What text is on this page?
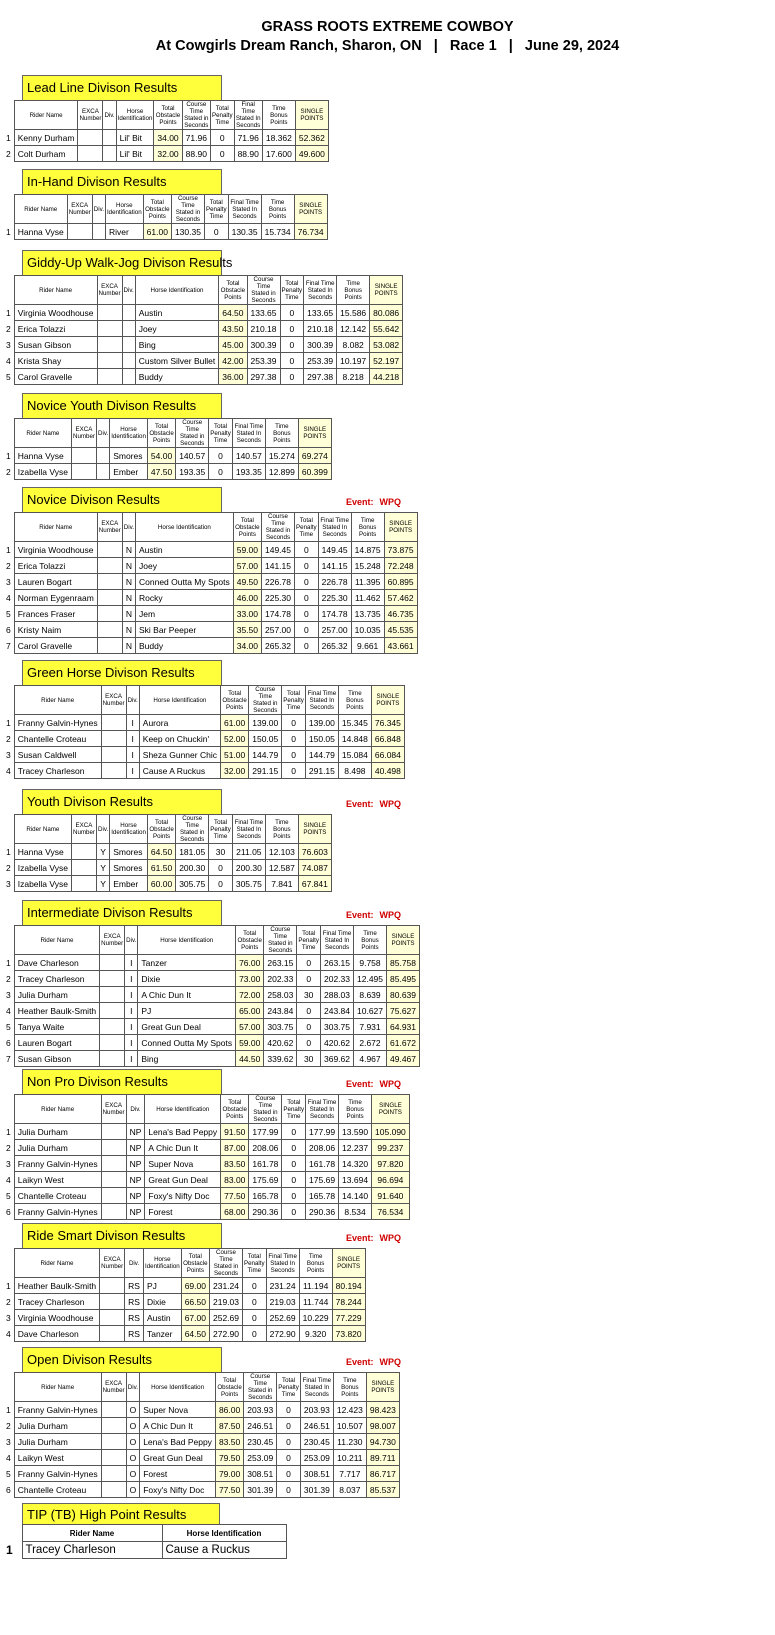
GRASS ROOTS EXTREME COWBOY
At Cowgirls Dream Ranch, Sharon, ON   |   Race 1   |   June 29, 2024
Lead Line Divison Results
	Rider Name	EXCA Number	Div.	Horse Identification	Total Obstacle Points	Course Time Stated in Seconds	Total Penalty Time	Final Time Stated In Seconds	Time Bonus Points	SINGLE POINTS
1	Kenny Durham			Lil' Bit	34.00	71.96	0	71.96	18.362	52.362
2	Colt Durham			Lil' Bit	32.00	88.90	0	88.90	17.600	49.600
In-Hand Divison Results
	Rider Name	EXCA Number	Div.	Horse Identification	Total Obstacle Points	Course Time Stated in Seconds	Total Penalty Time	Final Time Stated In Seconds	Time Bonus Points	SINGLE POINTS
1	Hanna Vyse			River	61.00	130.35	0	130.35	15.734	76.734
Giddy-Up Walk-Jog Divison Results
	Rider Name	EXCA Number	Div.	Horse Identification	Total Obstacle Points	Course Time Stated in Seconds	Total Penalty Time	Final Time Stated In Seconds	Time Bonus Points	SINGLE POINTS
1	Virginia Woodhouse			Austin	64.50	133.65	0	133.65	15.586	80.086
2	Erica Tolazzi			Joey	43.50	210.18	0	210.18	12.142	55.642
3	Susan Gibson			Bing	45.00	300.39	0	300.39	8.082	53.082
4	Krista Shay			Custom Silver Bullet	42.00	253.39	0	253.39	10.197	52.197
5	Carol Gravelle			Buddy	36.00	297.38	0	297.38	8.218	44.218
Novice Youth Divison Results
	Rider Name	EXCA Number	Div.	Horse Identification	Total Obstacle Points	Course Time Stated in Seconds	Total Penalty Time	Final Time Stated In Seconds	Time Bonus Points	SINGLE POINTS
1	Hanna Vyse			Smores	54.00	140.57	0	140.57	15.274	69.274
2	Izabella Vyse			Ember	47.50	193.35	0	193.35	12.899	60.399
Novice Divison Results	Event: WPQ
	Rider Name	EXCA Number	Div.	Horse Identification	Total Obstacle Points	Course Time Stated in Seconds	Total Penalty Time	Final Time Stated In Seconds	Time Bonus Points	SINGLE POINTS
1	Virginia Woodhouse		N	Austin	59.00	149.45	0	149.45	14.875	73.875
2	Erica Tolazzi		N	Joey	57.00	141.15	0	141.15	15.248	72.248
3	Lauren Bogart		N	Conned Outta My Spots	49.50	226.78	0	226.78	11.395	60.895
4	Norman Eygenraam		N	Rocky	46.00	225.30	0	225.30	11.462	57.462
5	Frances Fraser		N	Jem	33.00	174.78	0	174.78	13.735	46.735
6	Kristy Naim		N	Ski Bar Peeper	35.50	257.00	0	257.00	10.035	45.535
7	Carol Gravelle		N	Buddy	34.00	265.32	0	265.32	9.661	43.661
Green Horse Divison Results
	Rider Name	EXCA Number	Div.	Horse Identification	Total Obstacle Points	Course Time Stated in Seconds	Total Penalty Time	Final Time Stated In Seconds	Time Bonus Points	SINGLE POINTS
1	Franny Galvin-Hynes		I	Aurora	61.00	139.00	0	139.00	15.345	76.345
2	Chantelle Croteau		I	Keep on Chuckin'	52.00	150.05	0	150.05	14.848	66.848
3	Susan Caldwell		I	Sheza Gunner Chic	51.00	144.79	0	144.79	15.084	66.084
4	Tracey Charleson		I	Cause A Ruckus	32.00	291.15	0	291.15	8.498	40.498
Youth Divison Results	Event: WPQ
	Rider Name	EXCA Number	Div.	Horse Identification	Total Obstacle Points	Course Time Stated in Seconds	Total Penalty Time	Final Time Stated In Seconds	Time Bonus Points	SINGLE POINTS
1	Hanna Vyse		Y	Smores	64.50	181.05	30	211.05	12.103	76.603
2	Izabella Vyse		Y	Smores	61.50	200.30	0	200.30	12.587	74.087
3	Izabella Vyse		Y	Ember	60.00	305.75	0	305.75	7.841	67.841
Intermediate Divison Results	Event: WPQ
	Rider Name	EXCA Number	Div.	Horse Identification	Total Obstacle Points	Course Time Stated in Seconds	Total Penalty Time	Final Time Stated In Seconds	Time Bonus Points	SINGLE POINTS
1	Dave Charleson		I	Tanzer	76.00	263.15	0	263.15	9.758	85.758
2	Tracey Charleson		I	Dixie	73.00	202.33	0	202.33	12.495	85.495
3	Julia Durham		I	A Chic Dun It	72.00	258.03	30	288.03	8.639	80.639
4	Heather Baulk-Smith		I	PJ	65.00	243.84	0	243.84	10.627	75.627
5	Tanya Waite		I	Great Gun Deal	57.00	303.75	0	303.75	7.931	64.931
6	Lauren Bogart		I	Conned Outta My Spots	59.00	420.62	0	420.62	2.672	61.672
7	Susan Gibson		I	Bing	44.50	339.62	30	369.62	4.967	49.467
Non Pro Divison Results	Event: WPQ
	Rider Name	EXCA Number	Div.	Horse Identification	Total Obstacle Points	Course Time Stated in Seconds	Total Penalty Time	Final Time Stated In Seconds	Time Bonus Points	SINGLE POINTS
1	Julia Durham		NP	Lena's Bad Peppy	91.50	177.99	0	177.99	13.590	105.090
2	Julia Durham		NP	A Chic Dun It	87.00	208.06	0	208.06	12.237	99.237
3	Franny Galvin-Hynes		NP	Super Nova	83.50	161.78	0	161.78	14.320	97.820
4	Laikyn West		NP	Great Gun Deal	83.00	175.69	0	175.69	13.694	96.694
5	Chantelle Croteau		NP	Foxy's Nifty Doc	77.50	165.78	0	165.78	14.140	91.640
6	Franny Galvin-Hynes		NP	Forest	68.00	290.36	0	290.36	8.534	76.534
Ride Smart Divison Results	Event: WPQ
	Rider Name	EXCA Number	Div.	Horse Identification	Total Obstacle Points	Course Time Stated in Seconds	Total Penalty Time	Final Time Stated In Seconds	Time Bonus Points	SINGLE POINTS
1	Heather Baulk-Smith		RS	PJ	69.00	231.24	0	231.24	11.194	80.194
2	Tracey Charleson		RS	Dixie	66.50	219.03	0	219.03	11.744	78.244
3	Virginia Woodhouse		RS	Austin	67.00	252.69	0	252.69	10.229	77.229
4	Dave Charleson		RS	Tanzer	64.50	272.90	0	272.90	9.320	73.820
Open Divison Results	Event: WPQ
	Rider Name	EXCA Number	Div.	Horse Identification	Total Obstacle Points	Course Time Stated in Seconds	Total Penalty Time	Final Time Stated In Seconds	Time Bonus Points	SINGLE POINTS
1	Franny Galvin-Hynes		O	Super Nova	86.00	203.93	0	203.93	12.423	98.423
2	Julia Durham		O	A Chic Dun It	87.50	246.51	0	246.51	10.507	98.007
3	Julia Durham		O	Lena's Bad Peppy	83.50	230.45	0	230.45	11.230	94.730
4	Laikyn West		O	Great Gun Deal	79.50	253.09	0	253.09	10.211	89.711
5	Franny Galvin-Hynes		O	Forest	79.00	308.51	0	308.51	7.717	86.717
6	Chantelle Croteau		O	Foxy's Nifty Doc	77.50	301.39	0	301.39	8.037	85.537
TIP (TB) High Point Results
	Rider Name	Horse Identification
1	Tracey Charleson	Cause a Ruckus
